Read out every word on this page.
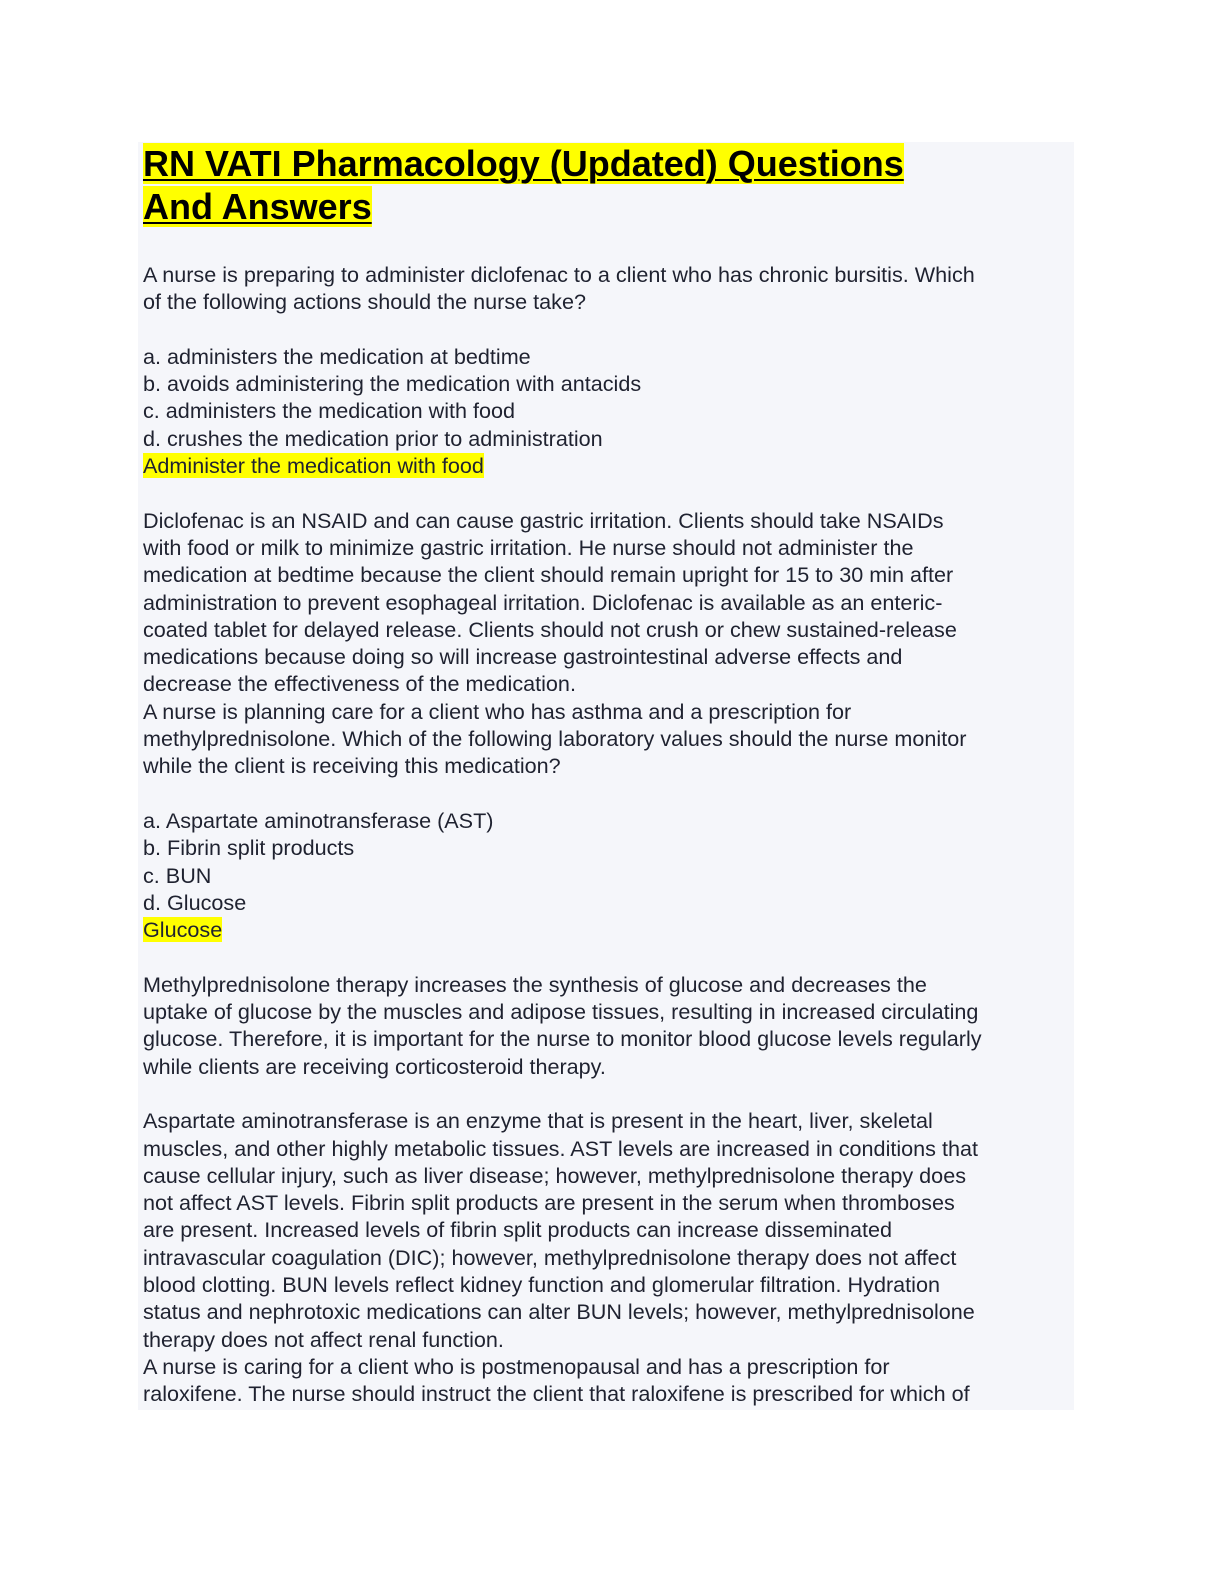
RN VATI Pharmacology (Updated) Questions
And Answers
A nurse is preparing to administer diclofenac to a client who has chronic bursitis. Which
of the following actions should the nurse take?
a. administers the medication at bedtime
b. avoids administering the medication with antacids
c. administers the medication with food
d. crushes the medication prior to administration
Administer the medication with food
Diclofenac is an NSAID and can cause gastric irritation. Clients should take NSAIDs
with food or milk to minimize gastric irritation. He nurse should not administer the
medication at bedtime because the client should remain upright for 15 to 30 min after
administration to prevent esophageal irritation. Diclofenac is available as an enteric-
coated tablet for delayed release. Clients should not crush or chew sustained-release
medications because doing so will increase gastrointestinal adverse effects and
decrease the effectiveness of the medication.
A nurse is planning care for a client who has asthma and a prescription for
methylprednisolone. Which of the following laboratory values should the nurse monitor
while the client is receiving this medication?
a. Aspartate aminotransferase (AST)
b. Fibrin split products
c. BUN
d. Glucose
Glucose
Methylprednisolone therapy increases the synthesis of glucose and decreases the
uptake of glucose by the muscles and adipose tissues, resulting in increased circulating
glucose. Therefore, it is important for the nurse to monitor blood glucose levels regularly
while clients are receiving corticosteroid therapy.
Aspartate aminotransferase is an enzyme that is present in the heart, liver, skeletal
muscles, and other highly metabolic tissues. AST levels are increased in conditions that
cause cellular injury, such as liver disease; however, methylprednisolone therapy does
not affect AST levels. Fibrin split products are present in the serum when thromboses
are present. Increased levels of fibrin split products can increase disseminated
intravascular coagulation (DIC); however, methylprednisolone therapy does not affect
blood clotting. BUN levels reflect kidney function and glomerular filtration. Hydration
status and nephrotoxic medications can alter BUN levels; however, methylprednisolone
therapy does not affect renal function.
A nurse is caring for a client who is postmenopausal and has a prescription for
raloxifene. The nurse should instruct the client that raloxifene is prescribed for which of
